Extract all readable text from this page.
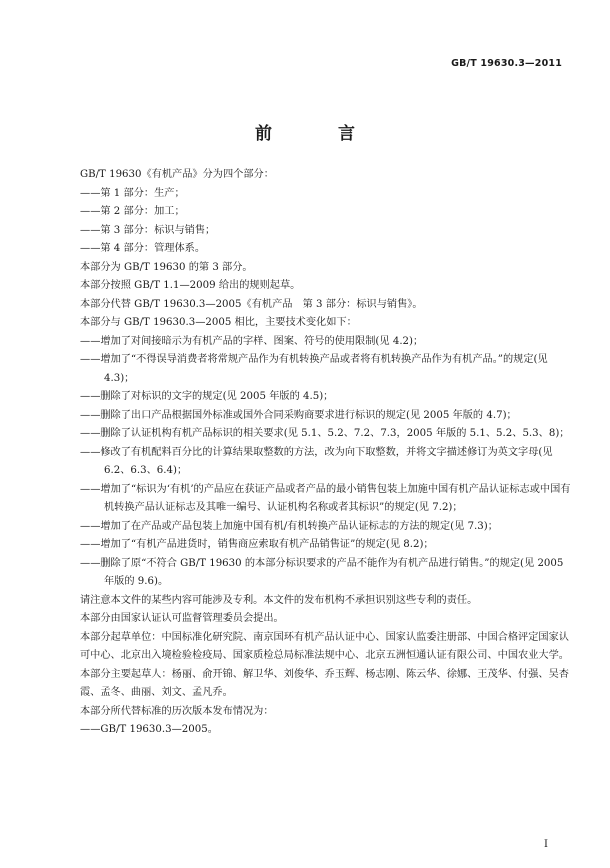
GB/T 19630.3—2011
前 言

GB/T 19630《有机产品》分为四个部分：

——第 1 部分：生产；

——第 2 部分：加工；

——第 3 部分：标识与销售；

——第 4 部分：管理体系。

本部分为 GB/T 19630 的第 3 部分。

本部分按照 GB/T 1.1—2009 给出的规则起草。

本部分代替 GB/T 19630.3—2005《有机产品　第 3 部分：标识与销售》。

本部分与 GB/T 19630.3—2005 相比，主要技术变化如下：

——增加了对间接暗示为有机产品的字样、图案、符号的使用限制(见 4.2)；

——增加了“不得误导消费者将常规产品作为有机转换产品或者将有机转换产品作为有机产品。”的规定(见 4.3)；

——删除了对标识的文字的规定(见 2005 年版的 4.5)；

——删除了出口产品根据国外标准或国外合同采购商要求进行标识的规定(见 2005 年版的 4.7)；

——删除了认证机构有机产品标识的相关要求(见 5.1、5.2、7.2、7.3，2005 年版的 5.1、5.2、5.3、8)；

——修改了有机配料百分比的计算结果取整数的方法，改为向下取整数，并将文字描述修订为英文字母(见 6.2、6.3、6.4)；

——增加了“标识为‘有机’的产品应在获证产品或者产品的最小销售包装上加施中国有机产品认证标志或中国有机转换产品认证标志及其唯一编号、认证机构名称或者其标识”的规定(见 7.2)；

——增加了在产品或产品包装上加施中国有机/有机转换产品认证标志的方法的规定(见 7.3)；

——增加了“有机产品进货时，销售商应索取有机产品销售证”的规定(见 8.2)；

——删除了原“不符合 GB/T 19630 的本部分标识要求的产品不能作为有机产品进行销售。”的规定(见 2005 年版的 9.6)。

请注意本文件的某些内容可能涉及专利。本文件的发布机构不承担识别这些专利的责任。

本部分由国家认证认可监督管理委员会提出。

本部分起草单位：中国标准化研究院、南京国环有机产品认证中心、国家认监委注册部、中国合格评定国家认可中心、北京出入境检验检疫局、国家质检总局标准法规中心、北京五洲恒通认证有限公司、中国农业大学。

本部分主要起草人：杨丽、俞开锦、解卫华、刘俊华、乔玉辉、杨志刚、陈云华、徐娜、王茂华、付强、吴杏霞、孟冬、曲丽、刘文、孟凡乔。

本部分所代替标准的历次版本发布情况为：

——GB/T 19630.3—2005。

I
